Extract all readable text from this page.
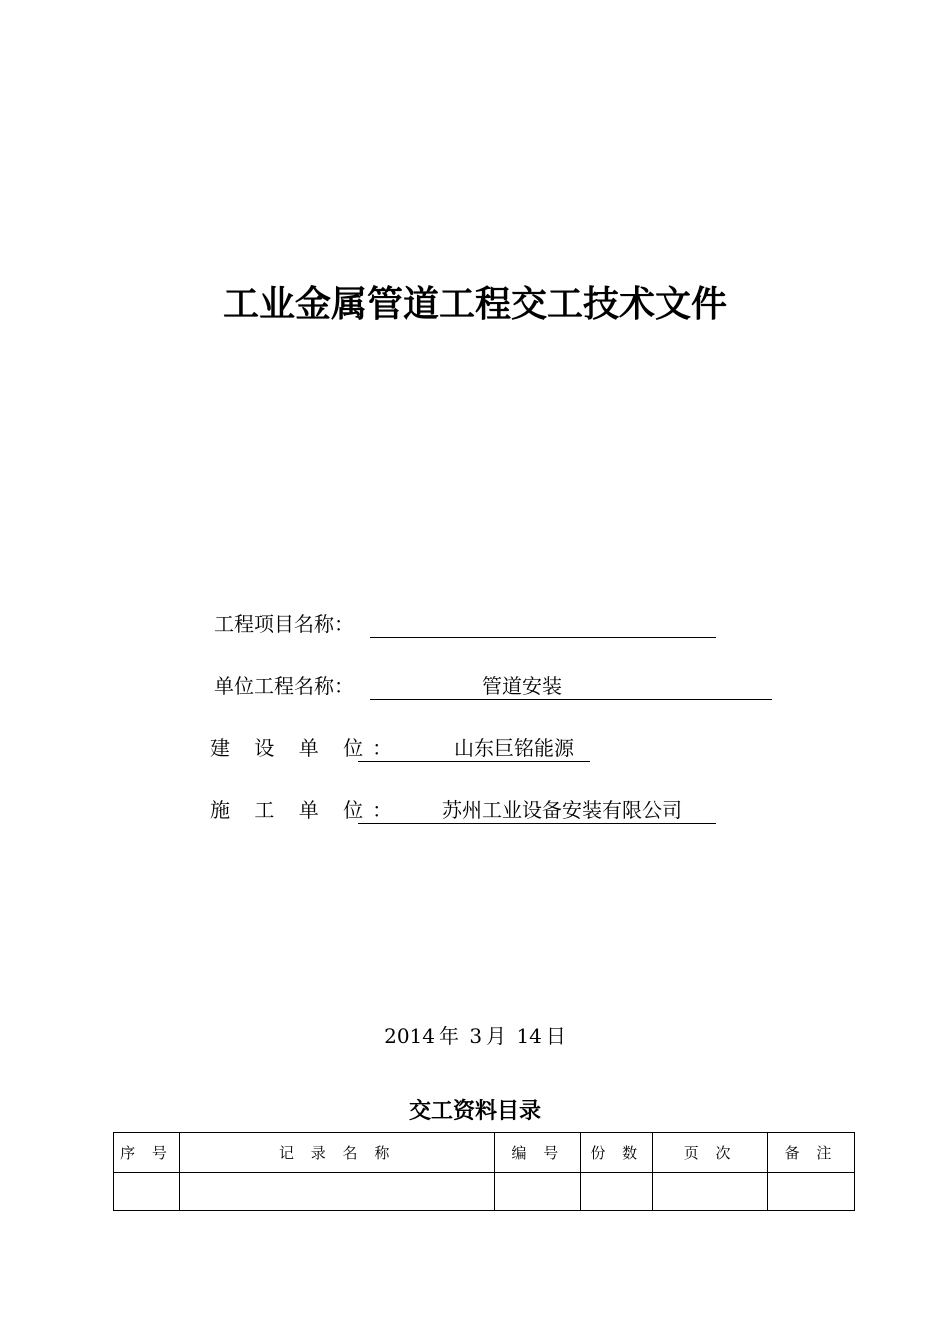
工业金属管道工程交工技术文件
工程项目名称：
单位工程名称：	管道安装
建 设 单 位：	山东巨铭能源
施 工 单 位： 苏州工业设备安装有限公司
2014 年 3 月 14 日
交工资料目录
序 号	记 录 名 称	编 号	份 数	页 次	备 注
